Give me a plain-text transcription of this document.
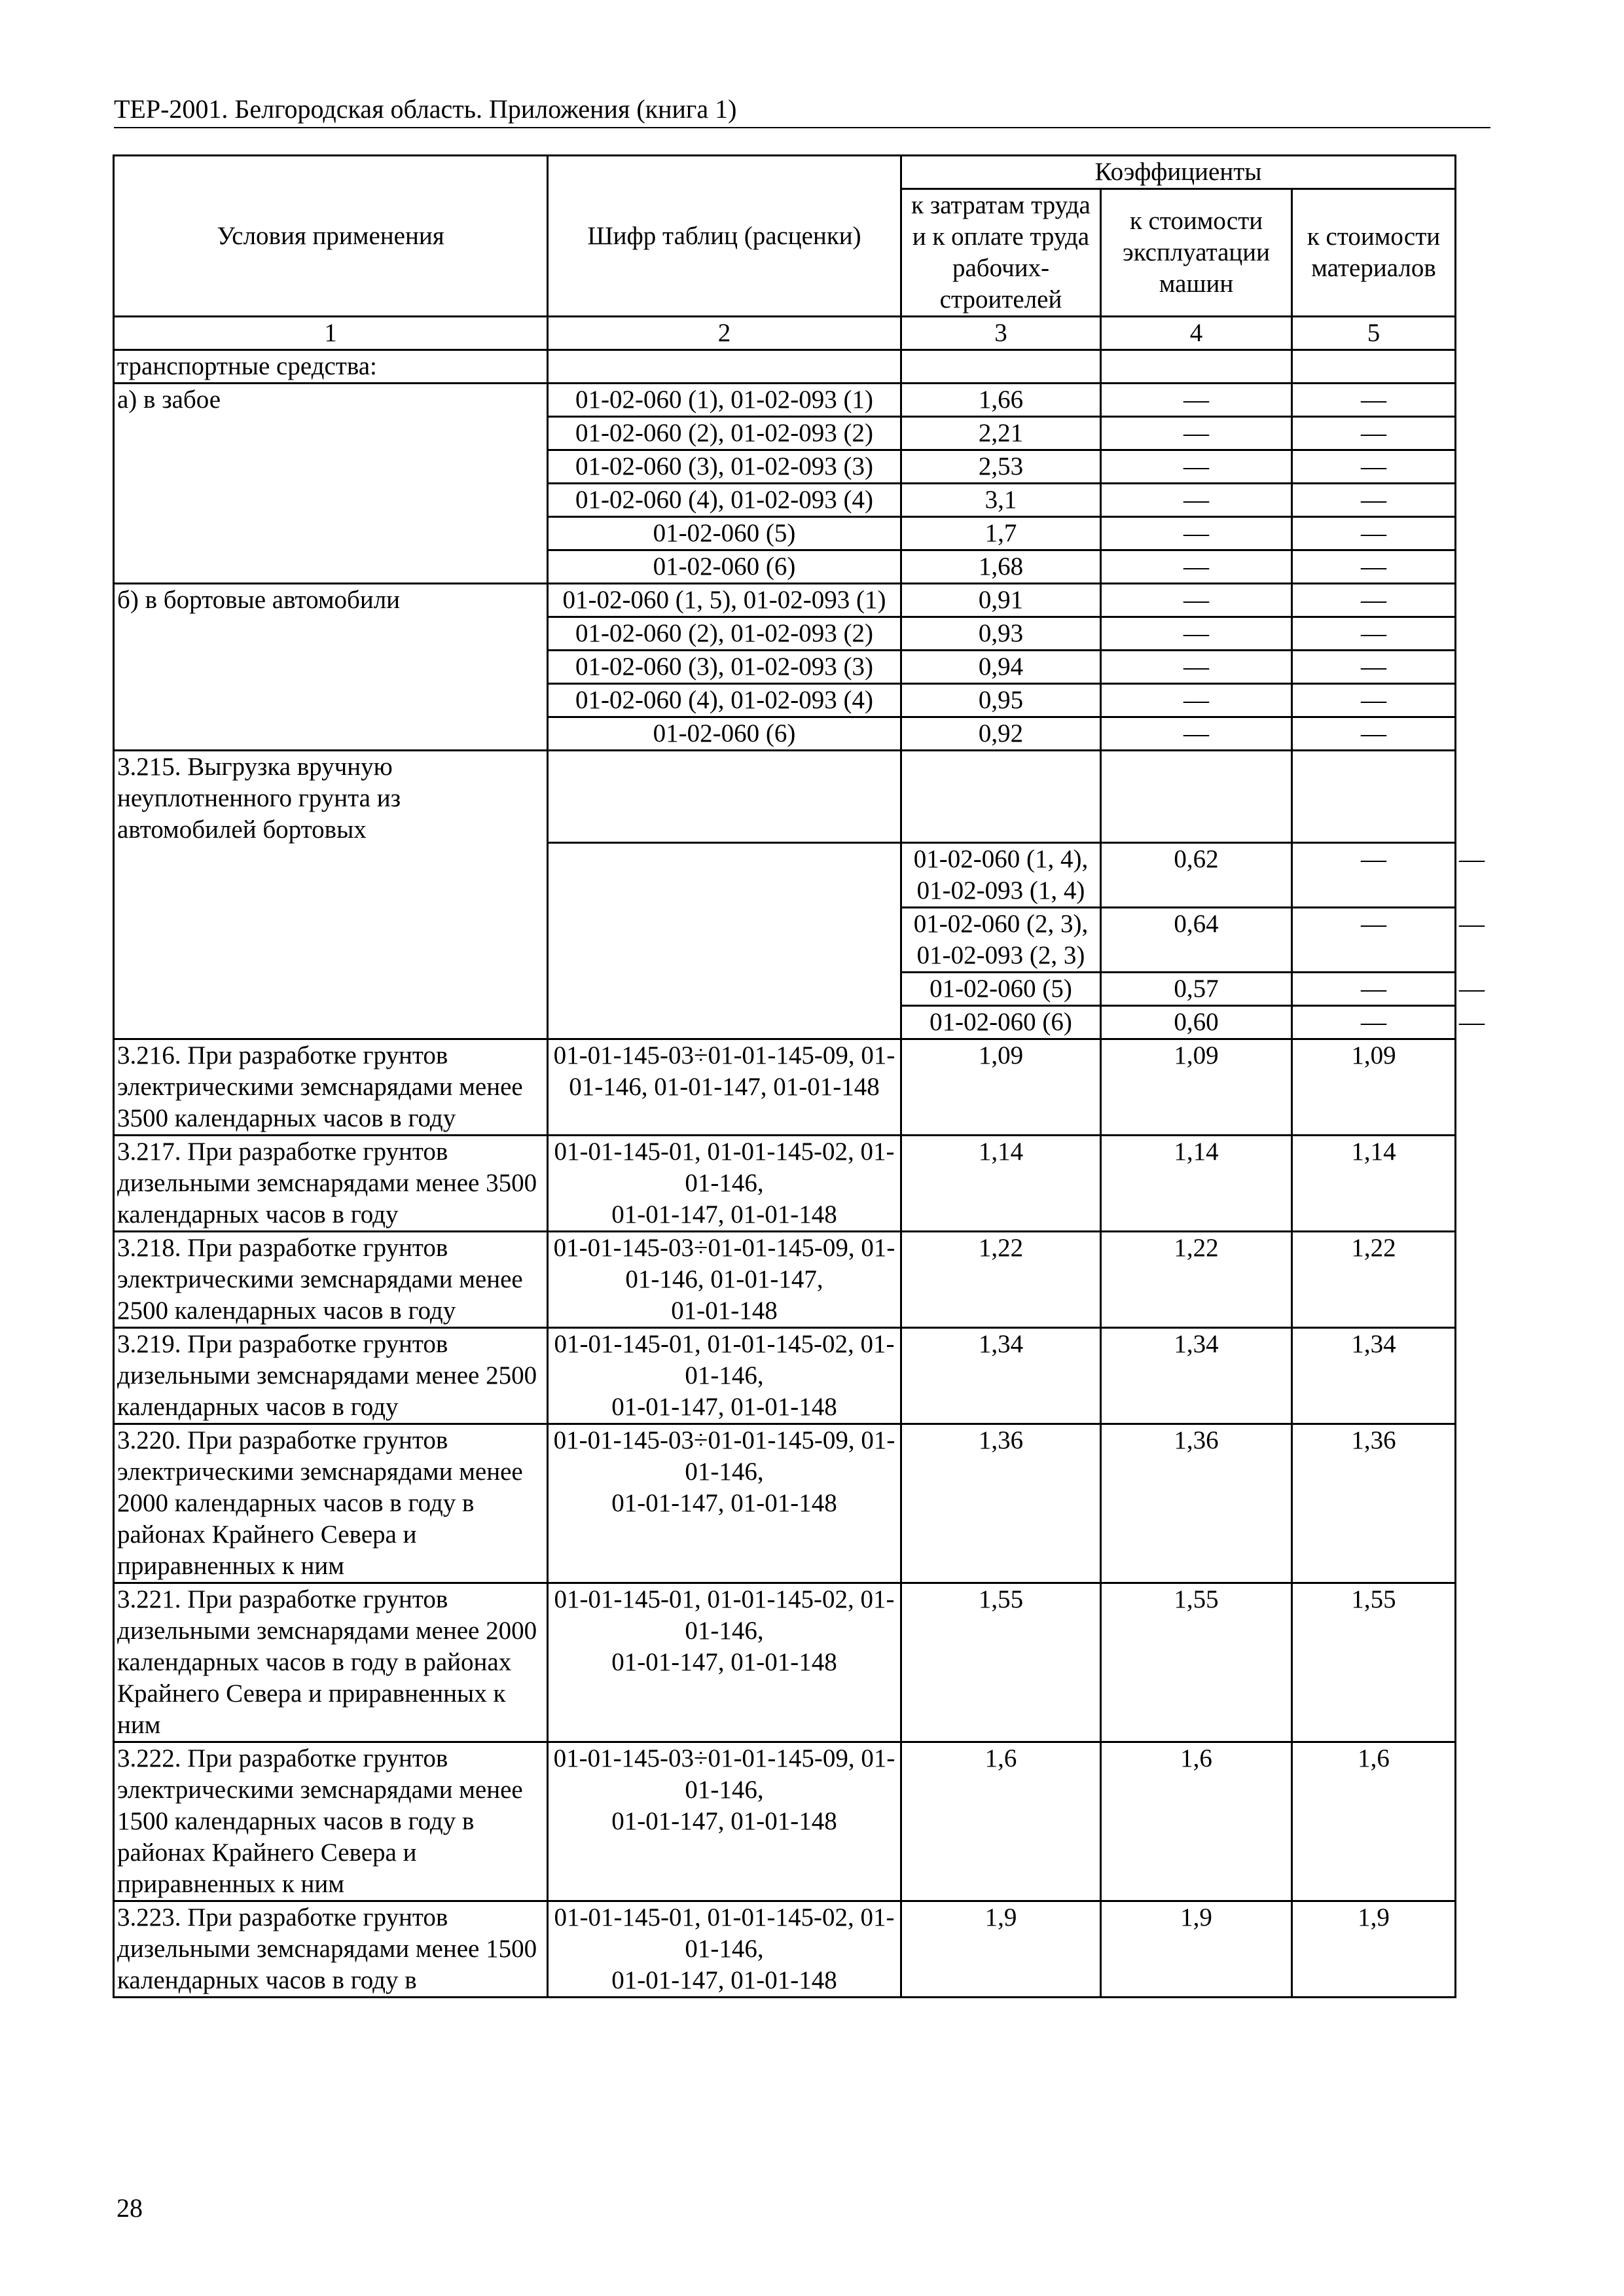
ТЕР-2001. Белгородская область. Приложения (книга 1)
Условия применения	Шифр таблиц (расценки)	Коэффициенты			
		к затратам труда и к оплате труда рабочих-строителей	к стоимости эксплуатации машин	к стоимости материалов	
1	2	3	4	5	
транспортные средства:					
а) в забое	01-02-060 (1), 01-02-093 (1)	1,66	—	—	
	01-02-060 (2), 01-02-093 (2)	2,21	—	—	
	01-02-060 (3), 01-02-093 (3)	2,53	—	—	
	01-02-060 (4), 01-02-093 (4)	3,1	—	—	
	01-02-060 (5)	1,7	—	—	
	01-02-060 (6)	1,68	—	—	
б) в бортовые автомобили	01-02-060 (1, 5), 01-02-093 (1)	0,91	—	—	
	01-02-060 (2), 01-02-093 (2)	0,93	—	—	
	01-02-060 (3), 01-02-093 (3)	0,94	—	—	
	01-02-060 (4), 01-02-093 (4)	0,95	—	—	
	01-02-060 (6)	0,92	—	—	
3.215. Выгрузка вручную неуплотненного грунта из автомобилей бортовых					
		01-02-060 (1, 4), 01-02-093 (1, 4)	0,62	—	—
		01-02-060 (2, 3), 01-02-093 (2, 3)	0,64	—	—
		01-02-060 (5)	0,57	—	—
		01-02-060 (6)	0,60	—	—
3.216. При разработке грунтов электрическими земснарядами менее 3500 календарных часов в году	01-01-145-03÷01-01-145-09, 01-01-146, 01-01-147, 01-01-148	1,09	1,09	1,09	
3.217. При разработке грунтов дизельными земснарядами менее 3500 календарных часов в году	01-01-145-01, 01-01-145-02, 01-01-146,
01-01-147, 01-01-148	1,14	1,14	1,14	
3.218. При разработке грунтов электрическими земснарядами менее 2500 календарных часов в году	01-01-145-03÷01-01-145-09, 01-01-146, 01-01-147,
01-01-148	1,22	1,22	1,22	
3.219. При разработке грунтов дизельными земснарядами менее 2500 календарных часов в году	01-01-145-01, 01-01-145-02, 01-01-146,
01-01-147, 01-01-148	1,34	1,34	1,34	
3.220. При разработке грунтов электрическими земснарядами менее 2000 календарных часов в году в районах Крайнего Севера и приравненных к ним	01-01-145-03÷01-01-145-09, 01-01-146,
01-01-147, 01-01-148	1,36	1,36	1,36	
3.221. При разработке грунтов дизельными земснарядами менее 2000 календарных часов в году в районах Крайнего Севера и приравненных к ним	01-01-145-01, 01-01-145-02, 01-01-146,
01-01-147, 01-01-148	1,55	1,55	1,55	
3.222. При разработке грунтов электрическими земснарядами менее 1500 календарных часов в году в районах Крайнего Севера и приравненных к ним	01-01-145-03÷01-01-145-09, 01-01-146,
01-01-147, 01-01-148	1,6	1,6	1,6	
3.223. При разработке грунтов дизельными земснарядами менее 1500 календарных часов в году в	01-01-145-01, 01-01-145-02, 01-01-146,
01-01-147, 01-01-148	1,9	1,9	1,9	
28
